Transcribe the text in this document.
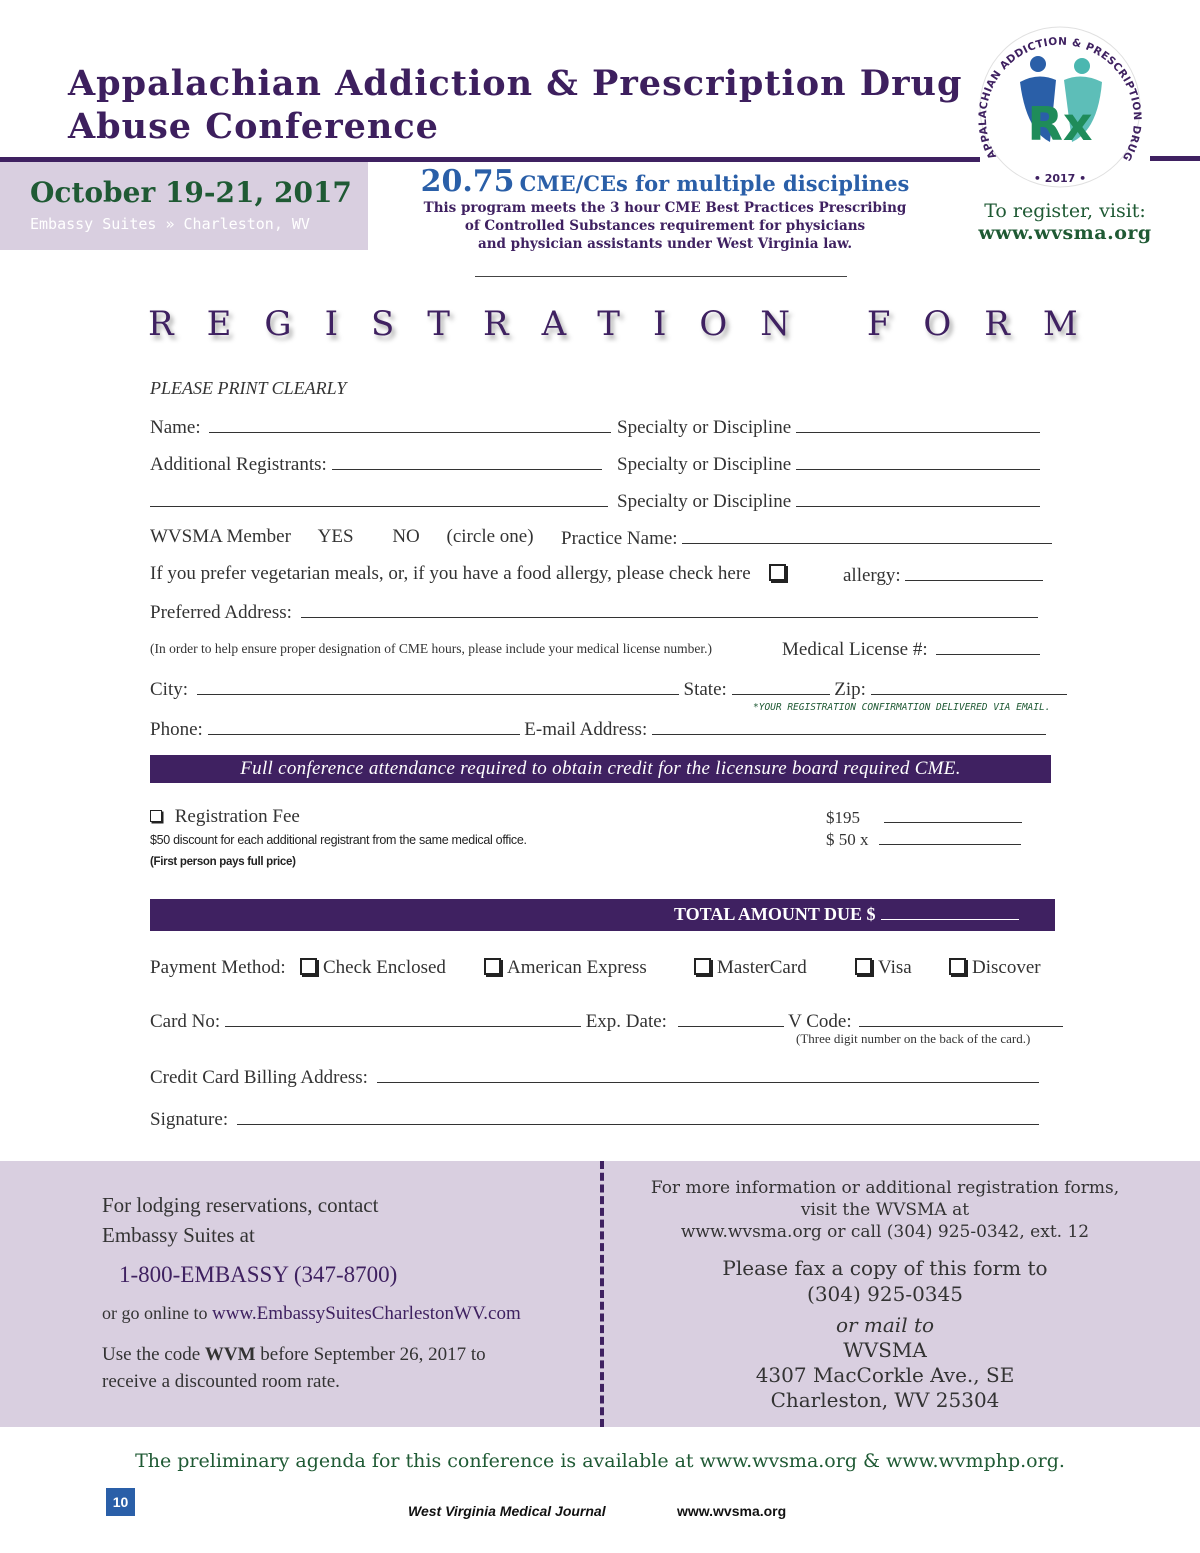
Appalachian Addiction & Prescription Drug
Abuse Conference
APPALACHIAN ADDICTION & PRESCRIPTION DRUG
• 2017 •
Rx
October 19-21, 2017
Embassy Suites » Charleston, WV
20.75 CME/CEs for multiple disciplines
This program meets the 3 hour CME Best Practices Prescribing
of Controlled Substances requirement for physicians
and physician assistants under West Virginia law.
To register, visit:
www.wvsma.org
REGISTRATION FORM
PLEASE PRINT CLEARLY
Name:	Specialty or Discipline
Additional Registrants:	Specialty or Discipline
Specialty or Discipline
WVSMA Member YES NO (circle one) Practice Name:
If you prefer vegetarian meals, or, if you have a food allergy, please check here	allergy:
Preferred Address:
(In order to help ensure proper designation of CME hours, please include your medical license number.)	Medical License #:
City:	State:	Zip:
*YOUR REGISTRATION CONFIRMATION DELIVERED VIA EMAIL.
Phone:	E-mail Address:
Full conference attendance required to obtain credit for the licensure board required CME.
Registration Fee
$50 discount for each additional registrant from the same medical office.
(First person pays full price)
$195
$ 50 x
TOTAL AMOUNT DUE $
Payment Method:	Check Enclosed	American Express	MasterCard	Visa	Discover
Card No:	Exp. Date:	V Code:
(Three digit number on the back of the card.)
Credit Card Billing Address:
Signature:
For lodging reservations, contact
Embassy Suites at
1-800-EMBASSY (347-8700)
or go online to www.EmbassySuitesCharlestonWV.com
Use the code WVM before September 26, 2017 to
receive a discounted room rate.
For more information or additional registration forms,
visit the WVSMA at
www.wvsma.org or call (304) 925-0342, ext. 12
Please fax a copy of this form to
(304) 925-0345
or mail to
WVSMA
4307 MacCorkle Ave., SE
Charleston, WV 25304
The preliminary agenda for this conference is available at www.wvsma.org & www.wvmphp.org.
10
West Virginia Medical Journal	www.wvsma.org
